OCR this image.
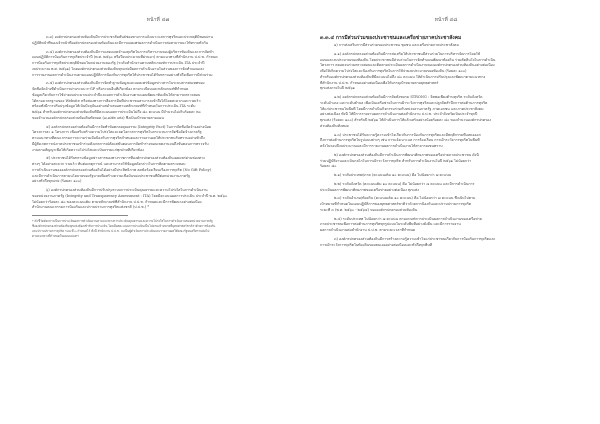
หน้าที่ ๔๗
๓.๓) องค์กรปกครองส่วนท้องถิ่นมีการประชาสัมพันธ์ช่องทางการแจ้งเบาะแสการทุจริตและประพฤติมิชอบผ่าน
ปฏิบัติหน้าที่ของเจ้าหน้าที่องค์กรปกครองส่วนท้องถิ่นและมีการเผยแพร่ผลการดำเนินการต่อสาธารณะให้ทราบทั่วกัน
๓.๔) องค์กรปกครองส่วนท้องถิ่นมีการแสดงเจตจำนงสุจริตในการบริหารงานของผู้บริหารท้องถิ่นและการจัดทำ
แผนปฏิบัติการป้องกันการทุจริตประจำปี (พ.ศ. ๒๕๖๐ หรือปีงบประมาณที่ผ่านมา) ตามแนวทางที่สำนักงาน ป.ป.ช. กำหนด
การป้องกันการทุจริตประพฤติมิชอบในหน่วยงานของรัฐ (ระดับสำนักงานตามหลักเกณฑ์การประเมิน ITA ประจำปี
งบประมาณ พ.ศ. ๒๕๖๑) โดยองค์กรปกครองส่วนท้องถิ่นทุกแห่งมีผลการดำเนินงานในส่วนของการจัดทำแผนและ
การรายงานผลการดำเนินงานตามแผนปฏิบัติการป้องกันการทุจริตให้ประชาชนได้รับทราบอย่างทั่วถึงเพื่อการมีส่วนร่วม
๓.๕) องค์กรปกครองส่วนท้องถิ่นมีการจัดทำฐานข้อมูลและเผยแพร่ข้อมูลข่าวสารในระบบสารสนเทศของ
จัดซื้อจัดจ้างที่ดำเนินการผ่านระบบ e-GP หรือระบบอื่นที่เกี่ยวข้อง ตามระเบียบและหลักเกณฑ์ที่กำหนด
ข้อมูลเกี่ยวกับการใช้จ่ายงบประมาณประจำปีและผลการดำเนินงานตามแผนพัฒนาท้องถิ่นให้สามารถตรวจสอบ
ได้ตามมาตรฐานของ Website หรือช่องทางการสื่อสารอื่นที่ประชาชนสามารถเข้าถึงได้โดยสะดวกและรวดเร็ว
พร้อมทั้งมีการปรับปรุงข้อมูลให้เป็นปัจจุบันอย่างสม่ำเสมอตามหลักเกณฑ์ที่กำหนดในการประเมิน ITA ระดับ
๒๕๖๑ สำหรับองค์กรปกครองส่วนท้องถิ่นที่มีคะแนนผลการประเมินไม่ถึง ๘๐ คะแนน มีจำนวนไม่เกินร้อยละ ๒๐
ของจำนวนองค์กรปกครองส่วนท้องถิ่นทั้งหมด (๗,๘๕๒ แห่ง) ซึ่งเป็นเป้าหมายตามแผน
๔) องค์กรปกครองส่วนท้องถิ่นมีการจัดทำข้อตกลงคุณธรรม (Integrity Pact) ในการจัดซื้อจัดจ้างอย่างน้อย
โครงการละ ๑ โครงการ เพื่อเสริมสร้างความโปร่งใสและลดโอกาสการทุจริตในกระบวนการจัดซื้อจัดจ้างภาครัฐ
ตามแนวทางที่คณะกรรมการความร่วมมือป้องกันการทุจริตกำหนดและรายงานผลให้ประชาชนรับทราบอย่างทั่วถึง
มีผู้สังเกตการณ์ภาคประชาชนเข้าร่วมสังเกตการณ์ตั้งแต่ขั้นตอนการจัดทำร่างขอบเขตงานจนถึงขั้นตอนการตรวจรับ
งานตามสัญญาเพื่อให้เกิดความโปร่งใสและเป็นธรรมแก่ทุกฝ่ายที่เกี่ยวข้อง
๕) ประชาชนได้รับทราบข้อมูลข่าวสารของทางราชการที่องค์กรปกครองส่วนท้องถิ่นเผยแพร่ผ่านช่องทาง
ต่างๆ ได้อย่างสะดวก รวดเร็ว ทันต่อเหตุการณ์ และสามารถใช้ข้อมูลดังกล่าวในการติดตามตรวจสอบ
การดำเนินงานขององค์กรปกครองส่วนท้องถิ่นได้อย่างมีประสิทธิภาพ ลดข้อร้องเรียนเรื่องการทุจริต (No Gift Policy)
และมีการดำเนินการตามนโยบายของรัฐบาลเพื่อสร้างความเชื่อมั่นของประชาชนที่มีต่อหน่วยงานภาครัฐ
อย่างทั่วถึงทุกแห่ง (ร้อยละ ๑๐๐)
๖) องค์กรปกครองส่วนท้องถิ่นมีการปรับปรุงระบบการประเมินคุณธรรมและความโปร่งใสในการดำเนินงาน
ของหน่วยงานภาครัฐ (Integrity and Transparency Assessment : ITA) โดยมีคะแนนผลการประเมิน ประจำปี พ.ศ. ๒๕๖๐
ไม่น้อยกว่าร้อยละ ๘๐ ของคะแนนเต็ม ตามหลักเกณฑ์ที่สำนักงาน ป.ป.ช. กำหนดและมีการพัฒนาอย่างต่อเนื่อง
สำนักงานคณะกรรมการป้องกันและปราบปรามการทุจริตแห่งชาติ (ป.ป.ช.) *
* ตัวชี้วัดดังกล่าวเป็นการประเมินผลการดำเนินงานตามแนวทางการประเมินคุณธรรมและความโปร่งใสในการดำเนินงานของหน่วยงานภาครัฐ
ซึ่งองค์กรปกครองส่วนท้องถิ่นทุกแห่งต้องเข้ารับการประเมิน โดยมีผลคะแนนการประเมินเป็นไปตามเป้าหมายที่ยุทธศาสตร์ชาติว่าด้วยการป้องกัน
และปราบปรามการทุจริต ระยะที่ ๓ กำหนดไว้ ทั้งนี้ สำนักงาน ป.ป.ช. จะเป็นผู้ดำเนินการประเมินและรายงานผลให้คณะรัฐมนตรีทราบต่อไป
ตามแนวทางที่กำหนดในแผนแม่บทฯ
หน้าที่ ๔๘
๓.๓.๔ การมีส่วนร่วมของประชาชนและเครือข่ายภาคประชาสังคม
๑) การส่งเสริมการมีส่วนร่วมของประชาชน ชุมชน และเครือข่ายภาคประชาสังคม
๑.๑) องค์กรปกครองส่วนท้องถิ่นมีการส่งเสริมให้ประชาชนมีส่วนร่วมในการบริหารจัดการโดยใช้
แผนและงบประมาณของท้องถิ่น โดยประชาชนมีส่วนร่วมในการจัดทำแผนพัฒนาท้องถิ่น ร่วมตัดสินใจในการดำเนิน
โครงการ ตลอดจนร่วมตรวจสอบและติดตามประเมินผลการดำเนินงานขององค์กรปกครองส่วนท้องถิ่นอย่างต่อเนื่อง
เพื่อให้เกิดความโปร่งใสและป้องกันการทุจริตในการใช้จ่ายงบประมาณของท้องถิ่น (ร้อยละ ๑๐๐)
สำหรับองค์กรปกครองส่วนท้องถิ่นที่มีคะแนนไม่ถึง ๘๐ คะแนน ให้ดำเนินการปรับปรุงและพัฒนาตามแนวทาง
ที่สำนักงาน ป.ป.ช. กำหนดอย่างต่อเนื่องเพื่อให้บรรลุเป้าหมายตามยุทธศาสตร์
ทุกแห่งภายในปี ๒๕๖๑
๑.๒) องค์กรปกครองส่วนท้องถิ่นมีการจัดตั้งชมรม STRONG : จิตพอเพียงต้านทุจริต ระดับจังหวัด
ระดับอำเภอ และระดับตำบล เพื่อเป็นเครือข่ายในการเฝ้าระวังการทุจริตและปลูกจิตสำนึกการต่อต้านการทุจริต
ให้แก่ประชาชนในพื้นที่ โดยมีการดำเนินกิจกรรมร่วมกับหน่วยงานภาครัฐ ภาคเอกชน และภาคประชาสังคม
อย่างต่อเนื่อง ทั้งนี้ ให้มีการรายงานผลการดำเนินงานต่อสำนักงาน ป.ป.ช. ประจำจังหวัดเป็นประจำทุกปี
ทุกแห่ง (ร้อยละ ๑๐๐) สำหรับปี ๒๕๖๑ ให้ดำเนินการให้แล้วเสร็จอย่างน้อยร้อยละ ๘๐ ของจำนวนองค์กรปกครอง
ส่วนท้องถิ่นทั้งหมด
๑.๓) ประชาชนได้รับความรู้ความเข้าใจเกี่ยวกับการป้องกันการทุจริตและมีพฤติกรรมที่แสดงออก
ถึงการต่อต้านการทุจริตในรูปแบบต่างๆ เช่น การแจ้งเบาะแส การร้องเรียน การเฝ้าระวังการทุจริตในพื้นที่
ครั้งในรอบปีงบประมาณและมีการรายงานผลการดำเนินงานให้สาธารณชนทราบ
๒) องค์กรปกครองส่วนท้องถิ่นมีการดำเนินการพัฒนาศักยภาพของเครือข่ายภาคประชาชน ดังนี้
ร่วมปฏิบัติงานและเป็นกลไกในการเฝ้าระวังการทุจริต สำหรับการดำเนินงานในปี ๒๕๖๑ ไม่น้อยกว่า
ร้อยละ ๘๐
๒.๑) ระดับประเทศ/ภาค (คะแนนเต็ม ๑๐ คะแนน) คือ ไม่น้อยกว่า ๗ คะแนน
๒.๒) ระดับจังหวัด (คะแนนเต็ม ๑๐ คะแนน) คือ ไม่น้อยกว่า ๗ คะแนน และมีการดำเนินการ
ประเมินผลการพัฒนาศักยภาพของเครือข่ายอย่างต่อเนื่อง ทุกแห่ง
๒.๓) ระดับอำเภอ/ท้องถิ่น (คะแนนเต็ม ๑๐ คะแนน) คือ ไม่น้อยกว่า ๗ คะแนน ซึ่งเป็นไปตาม
เป้าหมายที่กำหนดในแผนปฏิบัติการของยุทธศาสตร์ชาติว่าด้วยการป้องกันและปราบปรามการทุจริต
ระยะที่ ๓ (พ.ศ. ๒๕๖๐ - ๒๕๖๔) ขององค์กรปกครองส่วนท้องถิ่น
๒.๔) ระดับประเทศ ไม่น้อยกว่า ๗ คะแนน ตามเกณฑ์การประเมินผลการดำเนินงานของเครือข่าย
ภาคประชาชนเพื่อการต่อต้านการทุจริตทุกรูปแบบในระดับพื้นที่อย่างยั่งยืน และมีการรายงาน
ผลการดำเนินงานต่อสำนักงาน ป.ป.ช. ตามระยะเวลาที่กำหนด
๓) องค์กรปกครองส่วนท้องถิ่นมีการสร้างความรู้ความเข้าใจแก่ประชาชนเกี่ยวกับการป้องกันการทุจริตและ
การเฝ้าระวังการทุจริตในท้องถิ่นของตนเองอย่างต่อเนื่องและทั่วถึงทุกพื้นที่
